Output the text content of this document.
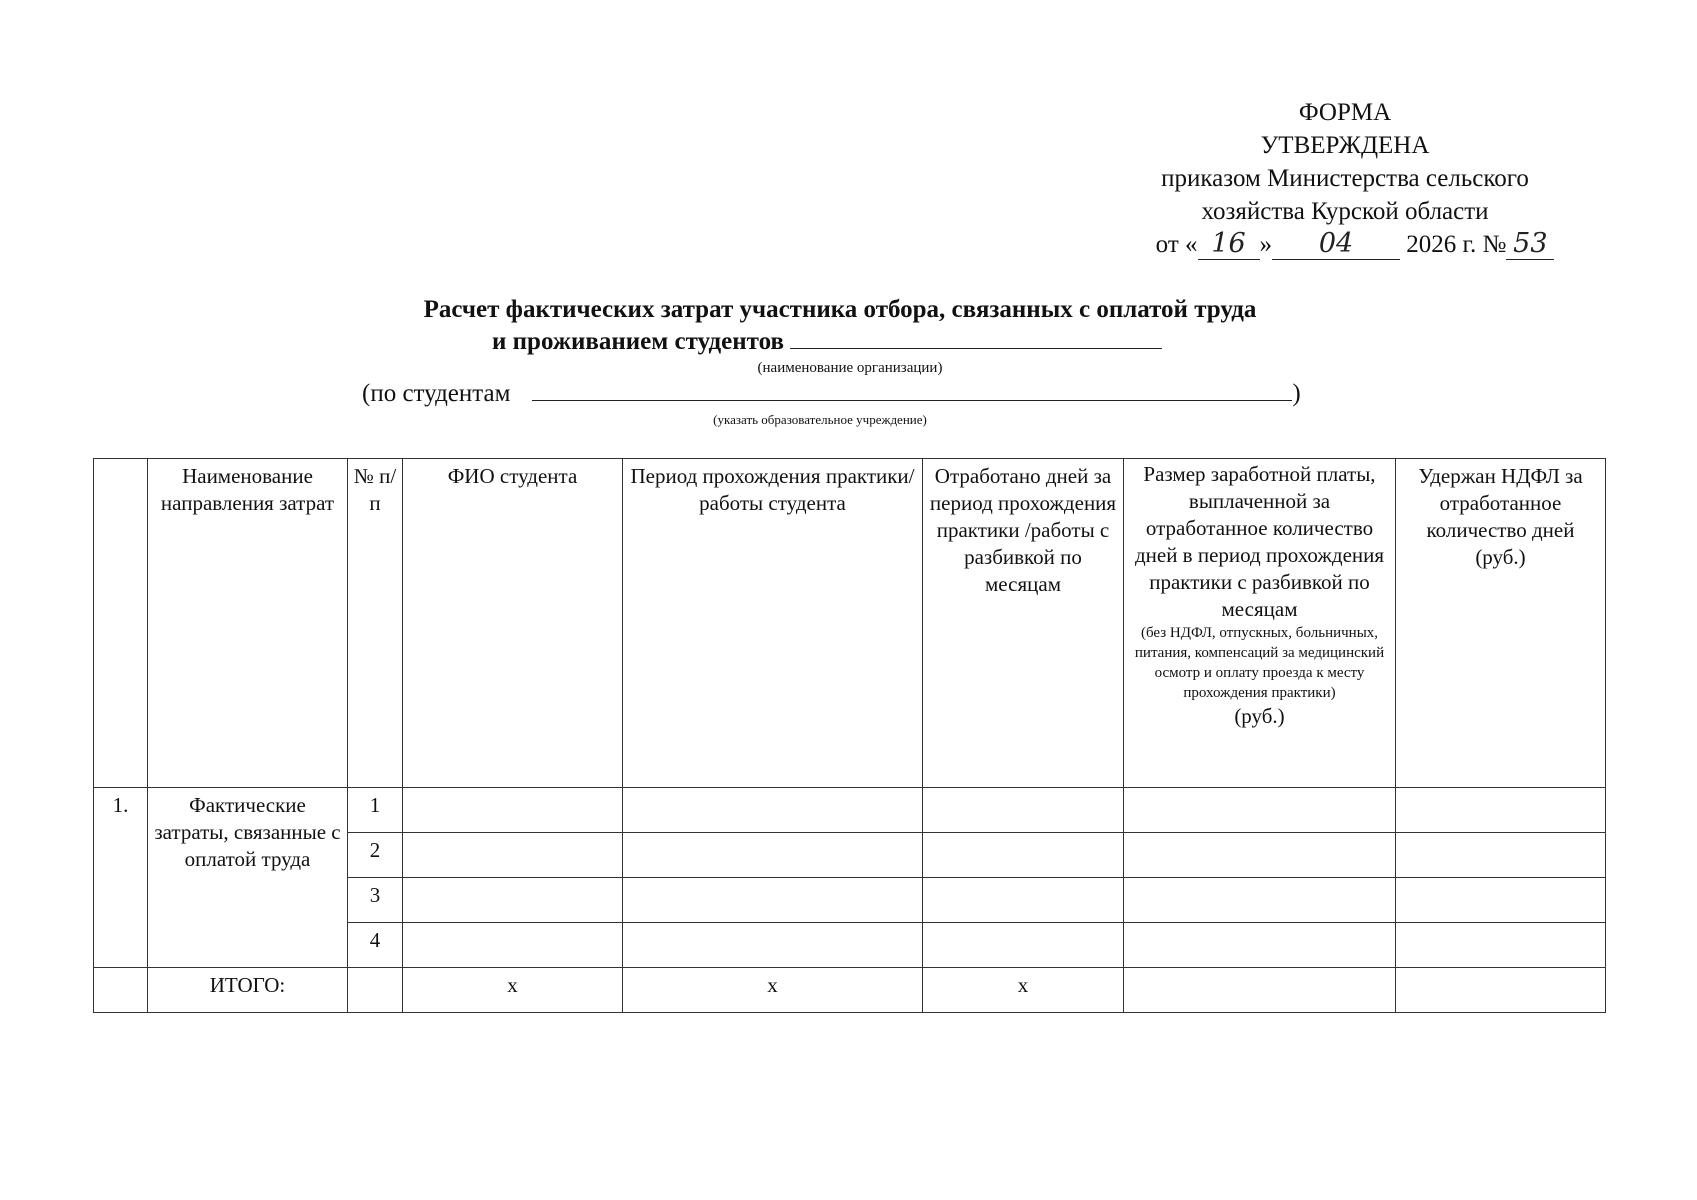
ФОРМА
УТВЕРЖДЕНА
приказом Министерства сельского
хозяйства Курской области
от « 16 » 04 2026 г. № 53
Расчет фактических затрат участника отбора, связанных с оплатой труда
и проживанием студентов
(наименование организации)
(по студентам	)
(указать образовательное учреждение)
	Наименование направления затрат	№ п/п	ФИО студента	Период прохождения практики/работы студента	Отработано дней за период прохождения практики /работы с разбивкой по месяцам	Размер заработной платы, выплаченной за отработанное количество дней в период прохождения практики с разбивкой по месяцам
(без НДФЛ, отпускных, больничных, питания, компенсаций за медицинский осмотр и оплату проезда к месту прохождения практики)
(руб.)	Удержан НДФЛ за отработанное количество дней (руб.)
1.	Фактические затраты, связанные с оплатой труда	1					
		2					
		3					
		4					
	ИТОГО:		х	х	х		
